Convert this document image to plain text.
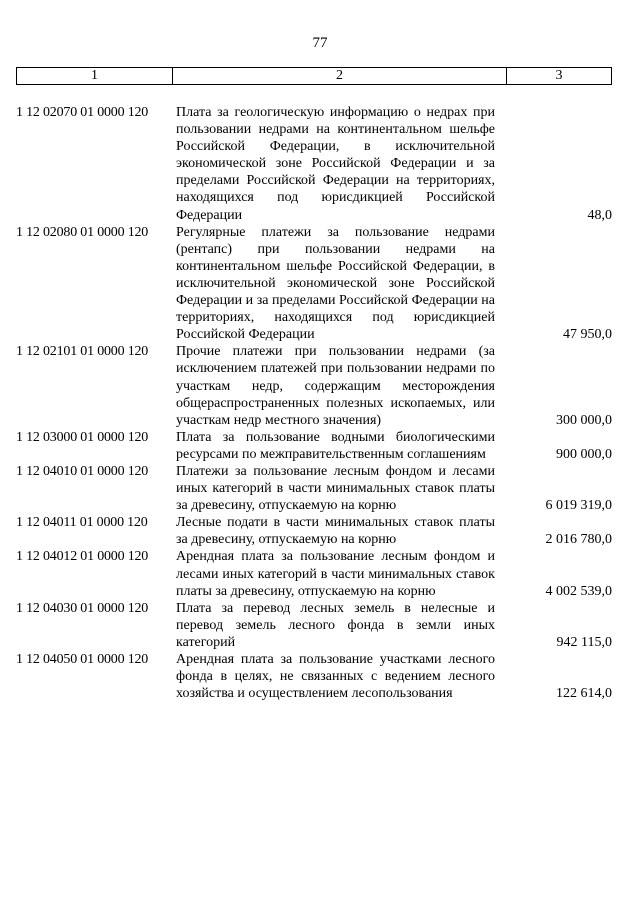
77
1	2	3
1 12 02070 01 0000 120	Плата за геологическую информацию о недрах при пользовании недрами на континентальном шельфе Российской Федерации, в исключительной экономической зоне Российской Федерации и за пределами Российской Федерации на территориях, находящихся под юрисдикцией Российской Федерации	48,0
1 12 02080 01 0000 120	Регулярные платежи за пользование недрами (рентапс) при пользовании недрами на континентальном шельфе Российской Федерации, в исключительной экономической зоне Российской Федерации и за пределами Российской Федерации на территориях, находящихся под юрисдикцией Российской Федерации	47 950,0
1 12 02101 01 0000 120	Прочие платежи при пользовании недрами (за исключением платежей при пользовании недрами по участкам недр, содержащим месторождения общераспространенных полезных ископаемых, или участкам недр местного значения)	300 000,0
1 12 03000 01 0000 120	Плата за пользование водными биологическими ресурсами по межправительственным соглашениям	900 000,0
1 12 04010 01 0000 120	Платежи за пользование лесным фондом и лесами иных категорий в части минимальных ставок платы за древесину, отпускаемую на корню	6 019 319,0
1 12 04011 01 0000 120	Лесные подати в части минимальных ставок платы за древесину, отпускаемую на корню	2 016 780,0
1 12 04012 01 0000 120	Арендная плата за пользование лесным фондом и лесами иных категорий в части минимальных ставок платы за древесину, отпускаемую на корню	4 002 539,0
1 12 04030 01 0000 120	Плата за перевод лесных земель в нелесные и перевод земель лесного фонда в земли иных категорий	942 115,0
1 12 04050 01 0000 120	Арендная плата за пользование участками лесного фонда в целях, не связанных с ведением лесного хозяйства и осуществлением лесопользования	122 614,0
